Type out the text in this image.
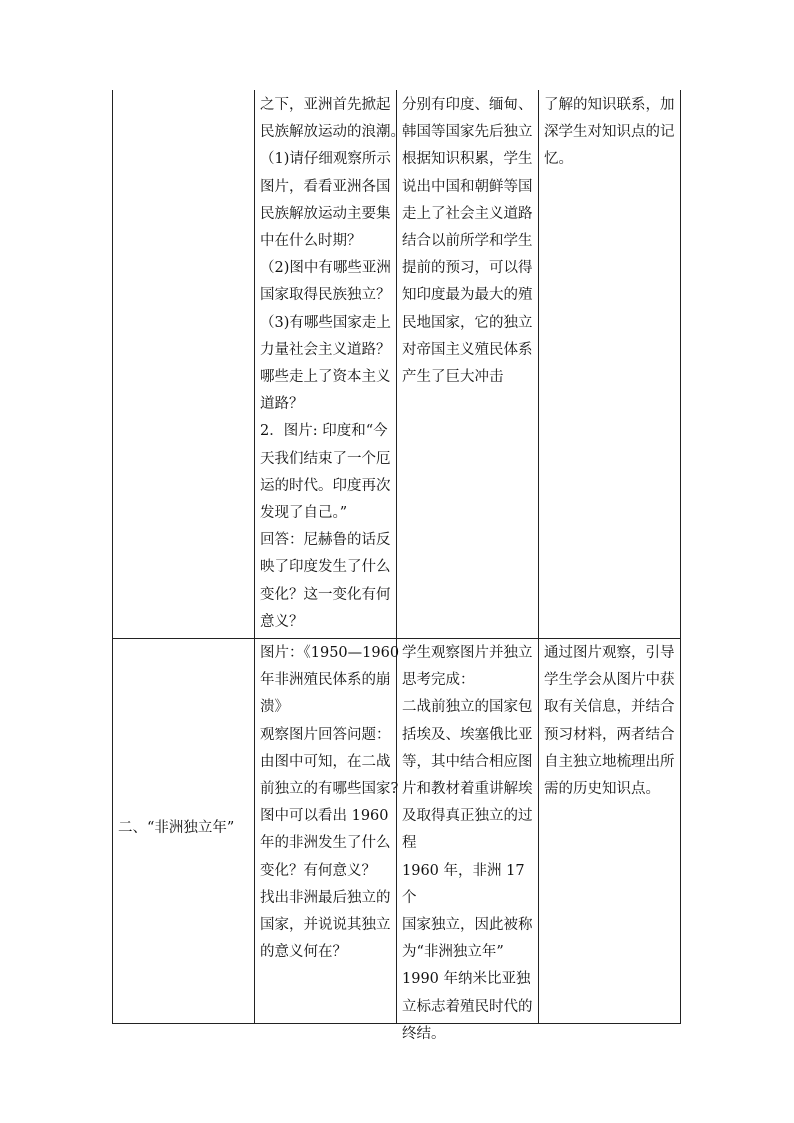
之下，亚洲首先掀起

民族解放运动的浪潮。

（1)请仔细观察所示

图片，看看亚洲各国

民族解放运动主要集

中在什么时期？

（2)图中有哪些亚洲

国家取得民族独立？

（3)有哪些国家走上

力量社会主义道路？

哪些走上了资本主义

道路？

2．图片: 印度和“今

天我们结束了一个厄

运的时代。印度再次

发现了自己。”

回答：尼赫鲁的话反

映了印度发生了什么

变化？这一变化有何

意义？

分别有印度、缅甸、

韩国等国家先后独立

根据知识积累，学生

说出中国和朝鲜等国

走上了社会主义道路

结合以前所学和学生

提前的预习，可以得

知印度最为最大的殖

民地国家，它的独立

对帝国主义殖民体系

产生了巨大冲击

了解的知识联系，加

深学生对知识点的记

忆。

二、“非洲独立年”

图片：《1950—1960

年非洲殖民体系的崩

溃》

观察图片回答问题：

由图中可知，在二战

前独立的有哪些国家?

图中可以看出 1960

年的非洲发生了什么

变化？有何意义？

找出非洲最后独立的

国家，并说说其独立

的意义何在？

学生观察图片并独立

思考完成：

二战前独立的国家包

括埃及、埃塞俄比亚

等，其中结合相应图

片和教材着重讲解埃

及取得真正独立的过

程

1960 年，非洲 17 个

国家独立，因此被称

为“非洲独立年”

1990 年纳米比亚独

立标志着殖民时代的

终结。

通过图片观察，引导

学生学会从图片中获

取有关信息，并结合

预习材料，两者结合

自主独立地梳理出所

需的历史知识点。
